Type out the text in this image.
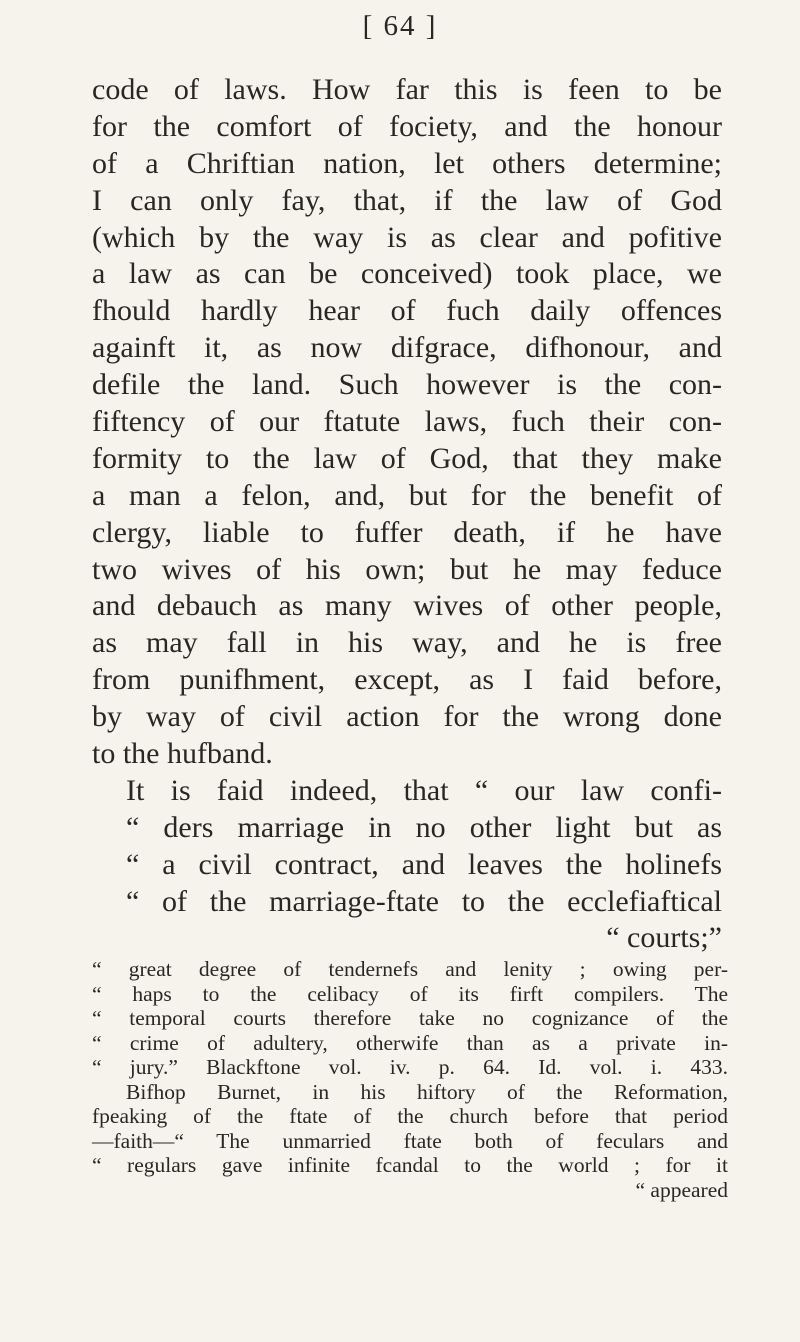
[ 64 ]
code of laws. How far this is feen to be
for the comfort of fociety, and the honour
of a Chriftian nation, let others determine;
I can only fay, that, if the law of God
(which by the way is as clear and pofitive
a law as can be conceived) took place, we
fhould hardly hear of fuch daily offences
againft it, as now difgrace, difhonour, and
defile the land. Such however is the con-
fiftency of our ftatute laws, fuch their con-
formity to the law of God, that they make
a man a felon, and, but for the benefit of
clergy, liable to fuffer death, if he have
two wives of his own; but he may feduce
and debauch as many wives of other people,
as may fall in his way, and he is free
from punifhment, except, as I faid before,
by way of civil action for the wrong done
to the hufband.
It is faid indeed, that “ our law confi-
“ ders marriage in no other light but as
“ a civil contract, and leaves the holinefs
“ of the marriage-ftate to the ecclefiaftical
“ courts;”
“ great degree of tendernefs and lenity ; owing per-
“ haps to the celibacy of its firft compilers. The
“ temporal courts therefore take no cognizance of the
“ crime of adultery, otherwife than as a private in-
“ jury.” Blackftone vol. iv. p. 64. Id. vol. i. 433.
Bifhop Burnet, in his hiftory of the Reformation,
fpeaking of the ftate of the church before that period
—faith—“ The unmarried ftate both of feculars and
“ regulars gave infinite fcandal to the world ; for it
“ appeared
